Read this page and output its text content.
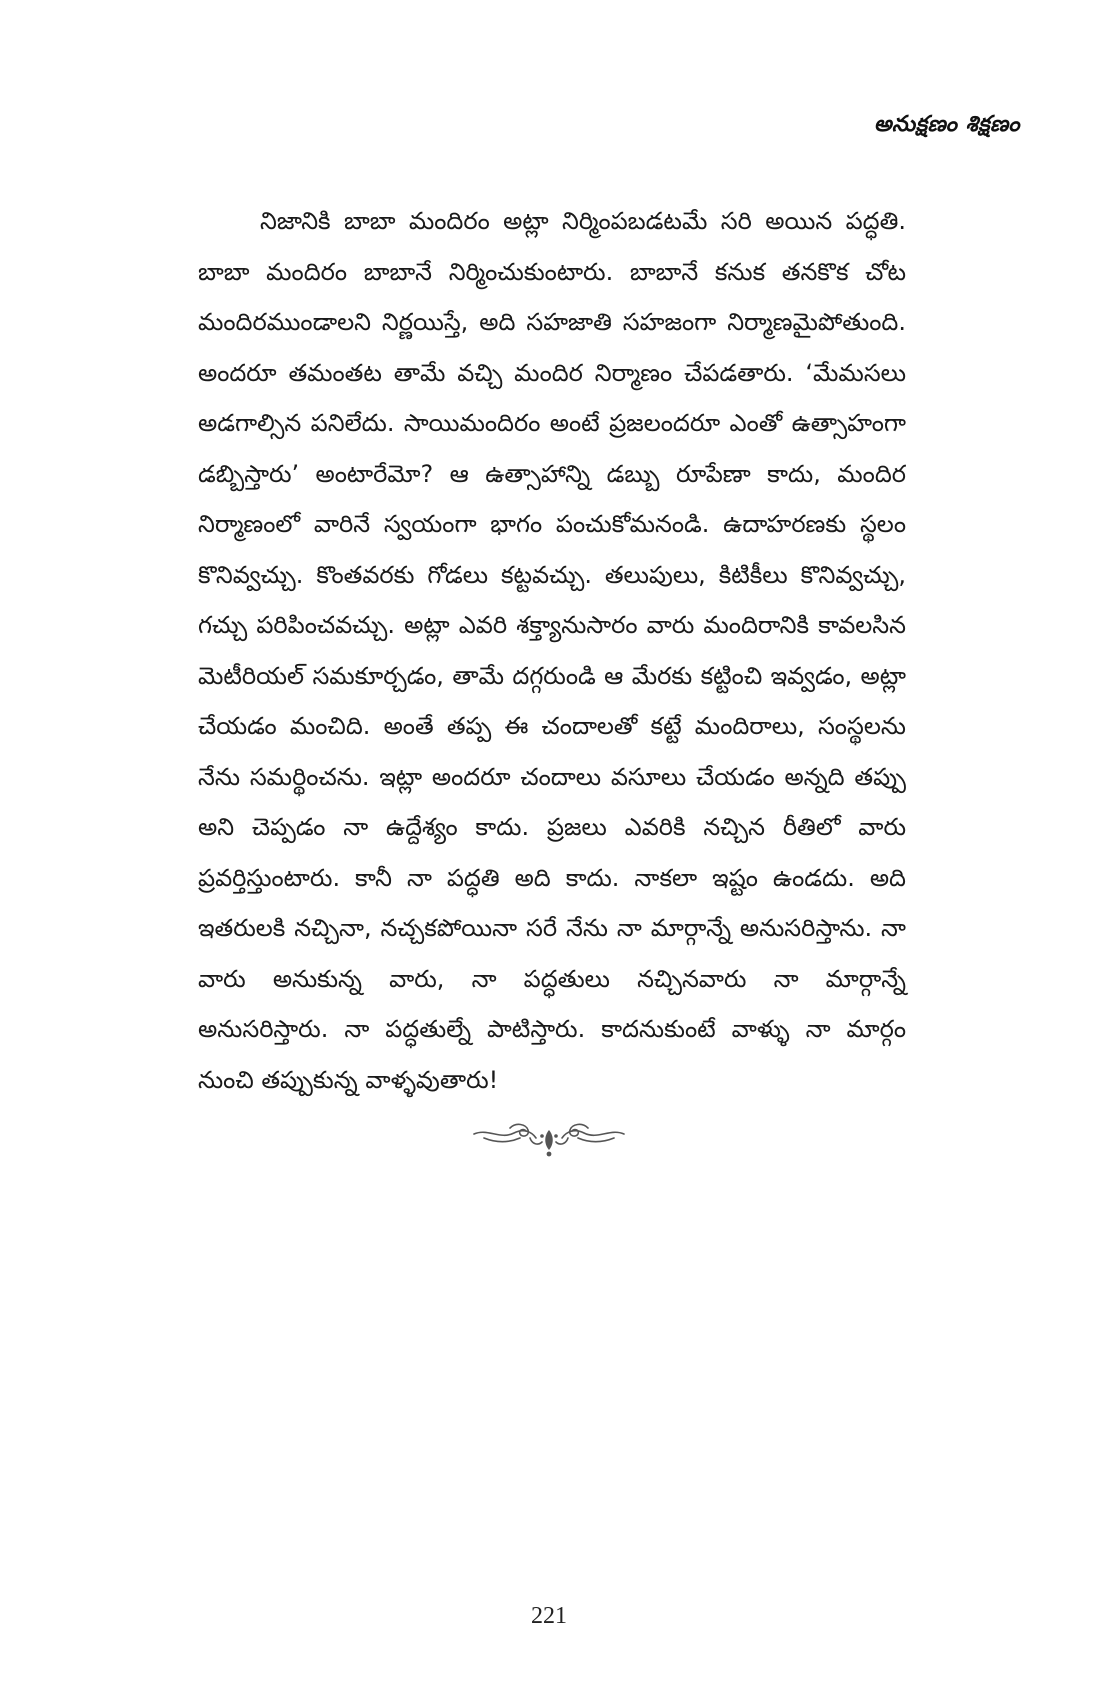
అనుక్షణం శిక్షణం

నిజానికి బాబా మందిరం అట్లా నిర్మింపబడటమే సరి అయిన పద్ధతి. బాబా మందిరం బాబానే నిర్మించుకుంటారు. బాబానే కనుక తనకొక చోట మందిరముండాలని నిర్ణయిస్తే, అది సహజాతి సహజంగా నిర్మాణమైపోతుంది. అందరూ తమంతట తామే వచ్చి మందిర నిర్మాణం చేపడతారు. ‘మేమసలు అడగాల్సిన పనిలేదు. సాయిమందిరం అంటే ప్రజలందరూ ఎంతో ఉత్సాహంగా డబ్బిస్తారు’ అంటారేమో? ఆ ఉత్సాహాన్ని డబ్బు రూపేణా కాదు, మందిర నిర్మాణంలో వారినే స్వయంగా భాగం పంచుకోమనండి. ఉదాహరణకు స్థలం కొనివ్వచ్చు. కొంతవరకు గోడలు కట్టవచ్చు. తలుపులు, కిటికీలు కొనివ్వచ్చు, గచ్చు పరిపించవచ్చు. అట్లా ఎవరి శక్త్యానుసారం వారు మందిరానికి కావలసిన మెటీరియల్ సమకూర్చడం, తామే దగ్గరుండి ఆ మేరకు కట్టించి ఇవ్వడం, అట్లా చేయడం మంచిది. అంతే తప్ప ఈ చందాలతో కట్టే మందిరాలు, సంస్థలను నేను సమర్థించను. ఇట్లా అందరూ చందాలు వసూలు చేయడం అన్నది తప్పు అని చెప్పడం నా ఉద్దేశ్యం కాదు. ప్రజలు ఎవరికి నచ్చిన రీతిలో వారు ప్రవర్తిస్తుంటారు. కానీ నా పద్ధతి అది కాదు. నాకలా ఇష్టం ఉండదు. అది ఇతరులకి నచ్చినా, నచ్చకపోయినా సరే నేను నా మార్గాన్నే అనుసరిస్తాను. నా వారు అనుకున్న వారు, నా పద్ధతులు నచ్చినవారు నా మార్గాన్నే అనుసరిస్తారు. నా పద్ధతుల్నే పాటిస్తారు. కాదనుకుంటే వాళ్ళు నా మార్గం నుంచి తప్పుకున్న వాళ్ళవుతారు!

221
